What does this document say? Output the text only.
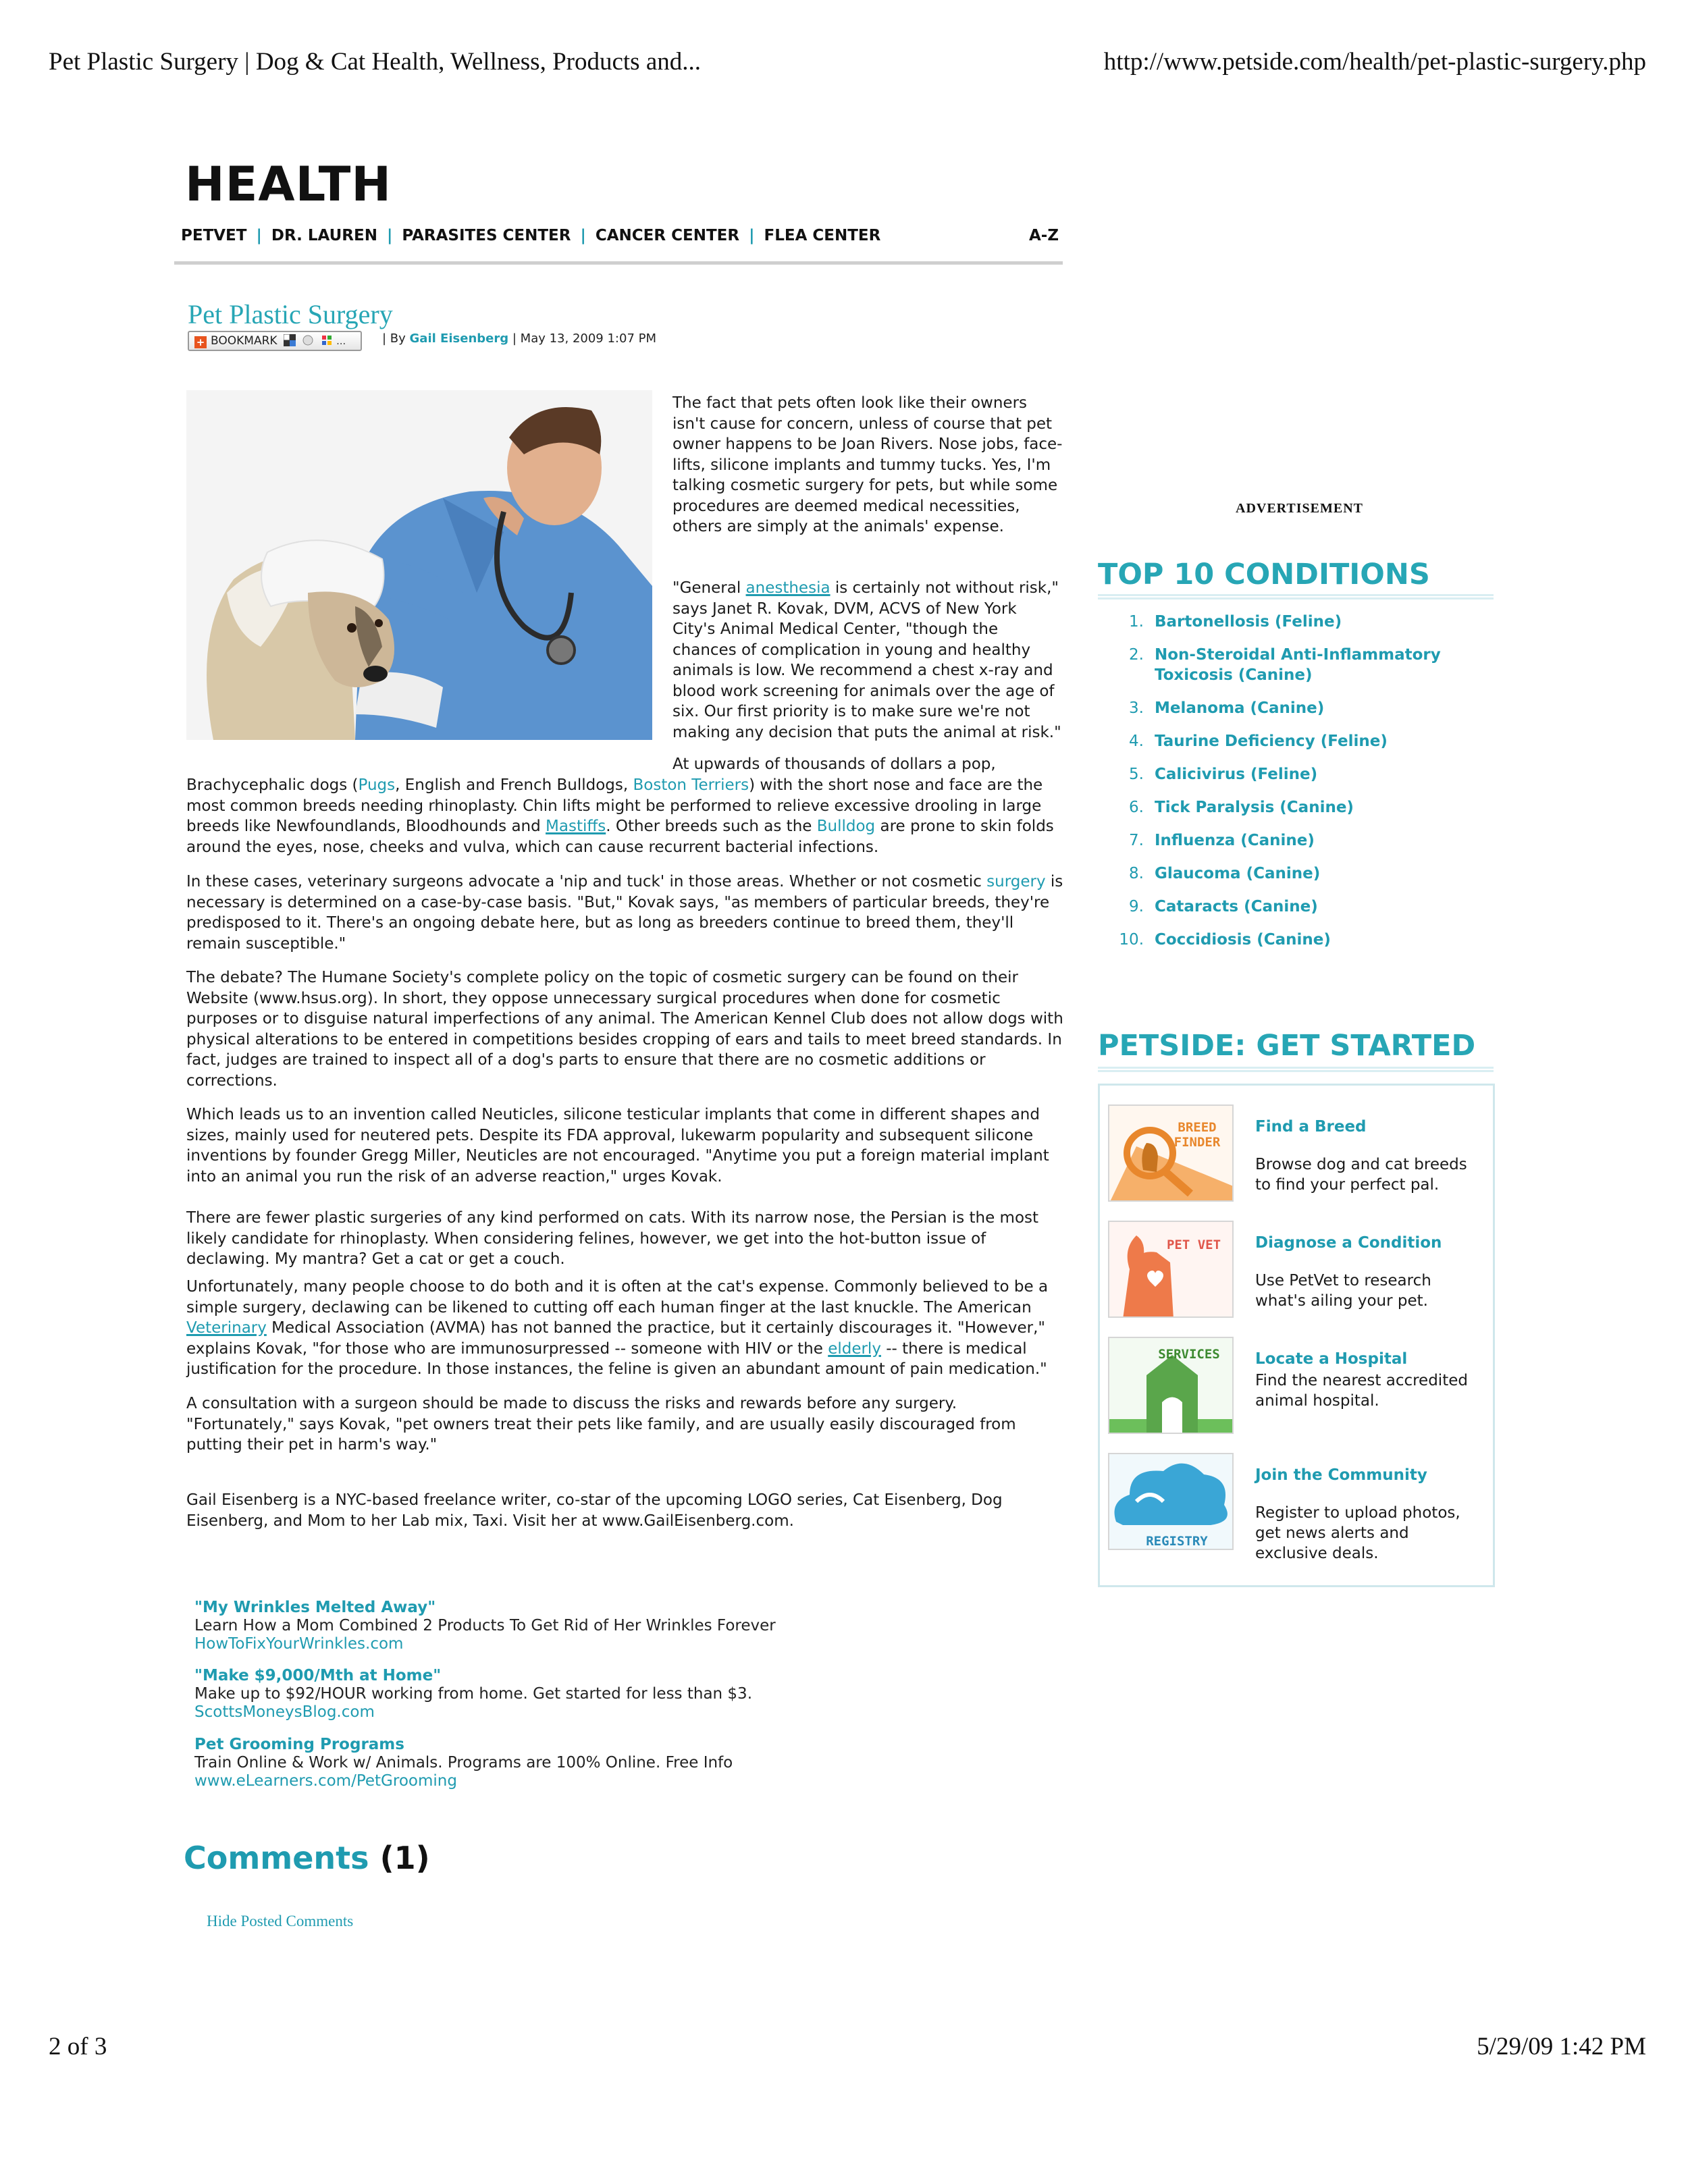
Pet Plastic Surgery | Dog & Cat Health, Wellness, Products and...	http://www.petside.com/health/pet-plastic-surgery.php
2 of 3	5/29/09 1:42 PM
HEALTH
PETVET | DR. LAUREN | PARASITES CENTER | CANCER CENTER | FLEA CENTER	A-Z
Pet Plastic Surgery
+ BOOKMARK	…	| By Gail Eisenberg | May 13, 2009 1:07 PM
The fact that pets often look like their owners isn't cause for concern, unless of course that pet owner happens to be Joan Rivers. Nose jobs, face-lifts, silicone implants and tummy tucks. Yes, I'm talking cosmetic surgery for pets, but while some procedures are deemed medical necessities, others are simply at the animals' expense.
"General anesthesia is certainly not without risk," says Janet R. Kovak, DVM, ACVS of New York City's Animal Medical Center, "though the chances of complication in young and healthy animals is low. We recommend a chest x-ray and blood work screening for animals over the age of six. Our first priority is to make sure we're not making any decision that puts the animal at risk."
At upwards of thousands of dollars a pop,
Brachycephalic dogs (Pugs, English and French Bulldogs, Boston Terriers) with the short nose and face are the most common breeds needing rhinoplasty. Chin lifts might be performed to relieve excessive drooling in large breeds like Newfoundlands, Bloodhounds and Mastiffs. Other breeds such as the Bulldog are prone to skin folds around the eyes, nose, cheeks and vulva, which can cause recurrent bacterial infections.
In these cases, veterinary surgeons advocate a 'nip and tuck' in those areas. Whether or not cosmetic surgery is necessary is determined on a case-by-case basis. "But," Kovak says, "as members of particular breeds, they're predisposed to it. There's an ongoing debate here, but as long as breeders continue to breed them, they'll remain susceptible."
The debate? The Humane Society's complete policy on the topic of cosmetic surgery can be found on their Website (www.hsus.org). In short, they oppose unnecessary surgical procedures when done for cosmetic purposes or to disguise natural imperfections of any animal. The American Kennel Club does not allow dogs with physical alterations to be entered in competitions besides cropping of ears and tails to meet breed standards. In fact, judges are trained to inspect all of a dog's parts to ensure that there are no cosmetic additions or corrections.
Which leads us to an invention called Neuticles, silicone testicular implants that come in different shapes and sizes, mainly used for neutered pets. Despite its FDA approval, lukewarm popularity and subsequent silicone inventions by founder Gregg Miller, Neuticles are not encouraged. "Anytime you put a foreign material implant into an animal you run the risk of an adverse reaction," urges Kovak.
There are fewer plastic surgeries of any kind performed on cats. With its narrow nose, the Persian is the most likely candidate for rhinoplasty. When considering felines, however, we get into the hot-button issue of declawing. My mantra? Get a cat or get a couch.
Unfortunately, many people choose to do both and it is often at the cat's expense. Commonly believed to be a simple surgery, declawing can be likened to cutting off each human finger at the last knuckle. The American Veterinary Medical Association (AVMA) has not banned the practice, but it certainly discourages it. "However," explains Kovak, "for those who are immunosurpressed -- someone with HIV or the elderly -- there is medical justification for the procedure. In those instances, the feline is given an abundant amount of pain medication."
A consultation with a surgeon should be made to discuss the risks and rewards before any surgery. "Fortunately," says Kovak, "pet owners treat their pets like family, and are usually easily discouraged from putting their pet in harm's way."
Gail Eisenberg is a NYC-based freelance writer, co-star of the upcoming LOGO series, Cat Eisenberg, Dog Eisenberg, and Mom to her Lab mix, Taxi. Visit her at www.GailEisenberg.com.
"My Wrinkles Melted Away"
Learn How a Mom Combined 2 Products To Get Rid of Her Wrinkles Forever
HowToFixYourWrinkles.com
"Make $9,000/Mth at Home"
Make up to $92/HOUR working from home. Get started for less than $3.
ScottsMoneysBlog.com
Pet Grooming Programs
Train Online & Work w/ Animals. Programs are 100% Online. Free Info
www.eLearners.com/PetGrooming
Comments (1)
Hide Posted Comments
ADVERTISEMENT
TOP 10 CONDITIONS
1. Bartonellosis (Feline)
2. Non-Steroidal Anti-Inflammatory Toxicosis (Canine)
3. Melanoma (Canine)
4. Taurine Deficiency (Feline)
5. Calicivirus (Feline)
6. Tick Paralysis (Canine)
7. Influenza (Canine)
8. Glaucoma (Canine)
9. Cataracts (Canine)
10. Coccidiosis (Canine)
PETSIDE: GET STARTED
BREED
FINDER
Find a Breed
Browse dog and cat breeds to find your perfect pal.
PET VET Diagnose a Condition
Use PetVet to research what's ailing your pet.
SERVICES Locate a Hospital
Find the nearest accredited animal hospital.
REGISTRY
Join the Community
Register to upload photos, get news alerts and exclusive deals.
